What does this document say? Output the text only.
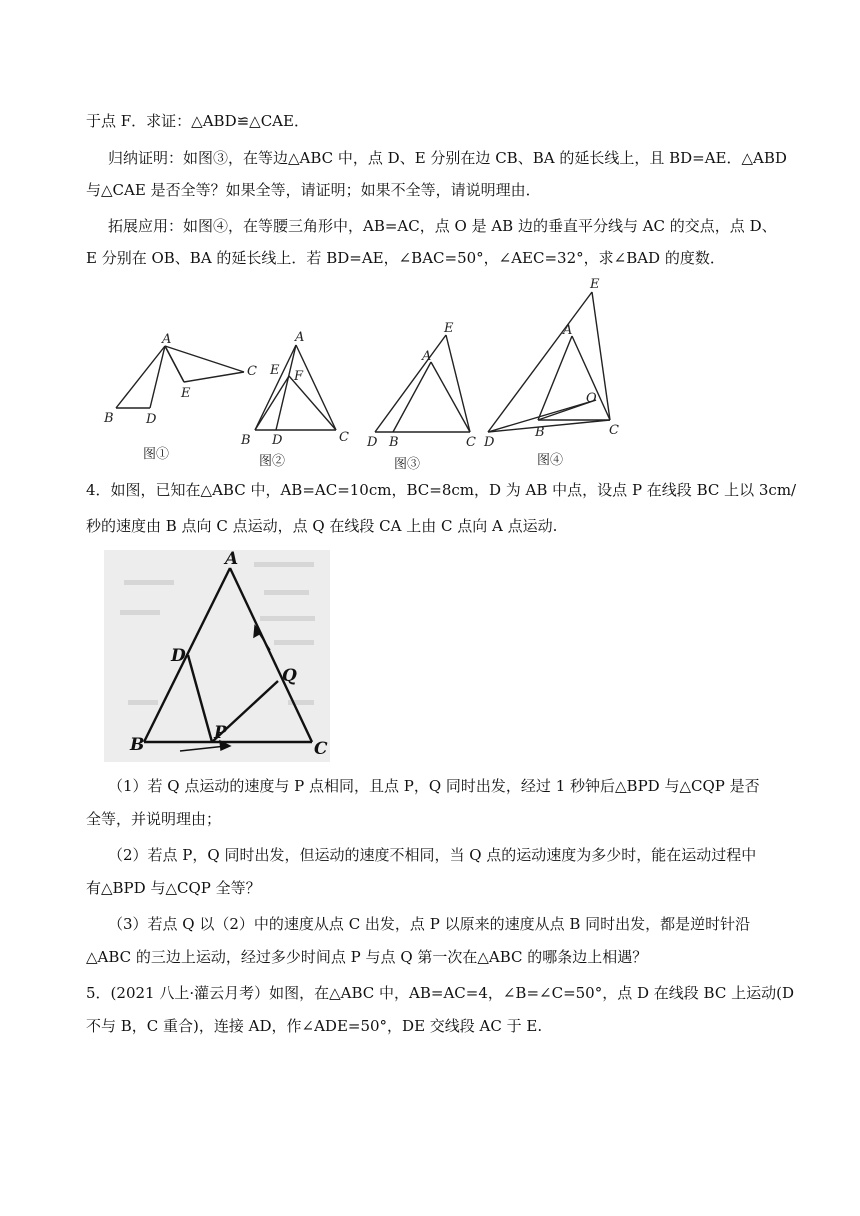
于点 F．求证：△ABD≌△CAE．
归纳证明：如图③，在等边△ABC 中，点 D、E 分别在边 CB、BA 的延长线上，且 BD=AE．△ABD
与△CAE 是否全等？如果全等，请证明；如果不全等，请说明理由．
拓展应用：如图④，在等腰三角形中，AB=AC，点 O 是 AB 边的垂直平分线与 AC 的交点，点 D、
E 分别在 OB、BA 的延长线上．若 BD=AE，∠BAC=50°，∠AEC=32°，求∠BAD 的度数．
A
B D
E
C
图①
A
E F
B D	C
图②
E
A
D B	C
图③
E
A
O
D
B	C
图④
4．如图，已知在△ABC 中，AB=AC=10cm，BC=8cm，D 为 AB 中点，设点 P 在线段 BC 上以 3cm/
秒的速度由 B 点向 C 点运动，点 Q 在线段 CA 上由 C 点向 A 点运动.
A
D
Q
P
B	C
（1）若 Q 点运动的速度与 P 点相同，且点 P，Q 同时出发，经过 1 秒钟后△BPD 与△CQP 是否
全等，并说明理由；
（2）若点 P，Q 同时出发，但运动的速度不相同，当 Q 点的运动速度为多少时，能在运动过程中
有△BPD 与△CQP 全等？
（3）若点 Q 以（2）中的速度从点 C 出发，点 P 以原来的速度从点 B 同时出发，都是逆时针沿
△ABC 的三边上运动，经过多少时间点 P 与点 Q 第一次在△ABC 的哪条边上相遇？
5．(2021 八上·灌云月考）如图，在△ABC 中，AB=AC=4，∠B=∠C=50°，点 D 在线段 BC 上运动(D
不与 B，C 重合)，连接 AD，作∠ADE=50°，DE 交线段 AC 于 E.
